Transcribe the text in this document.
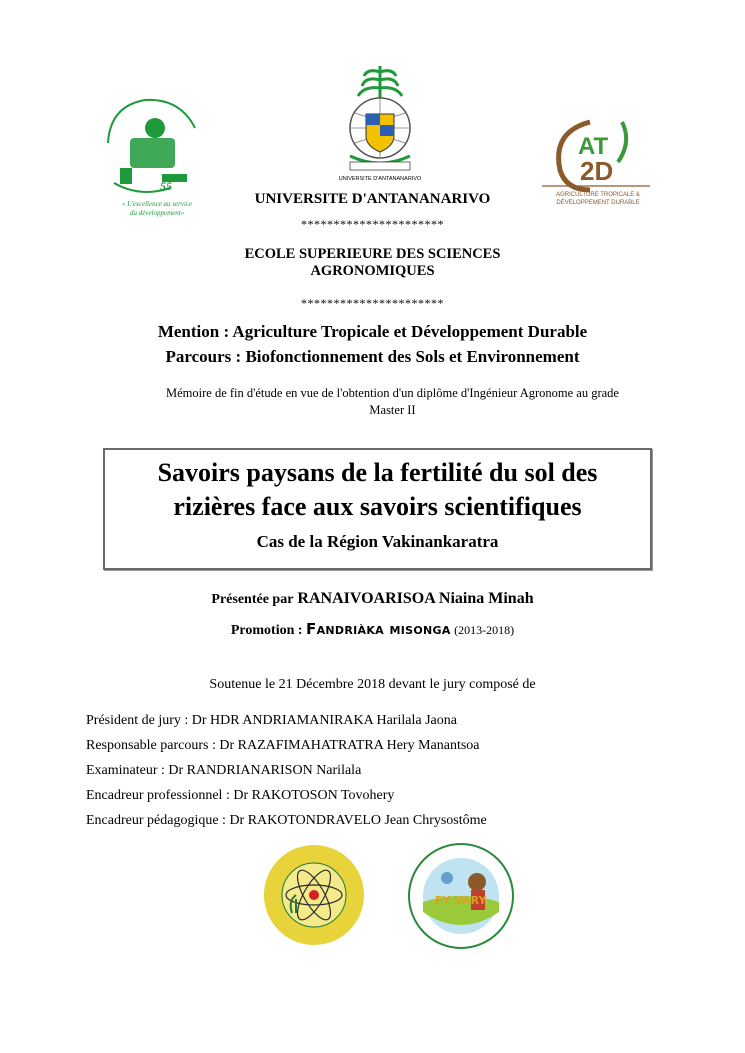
55
« L'excellence au service
du développement»
UNIVERSITE D'ANTANANARIVO
AT
2D
AGRICULTURE TROPICALE &
DÉVELOPPEMENT DURABLE
UNIVERSITE D'ANTANANARIVO
**********************
ECOLE SUPERIEURE DES SCIENCES
AGRONOMIQUES
**********************
Mention : Agriculture Tropicale et Développement Durable
Parcours : Biofonctionnement des Sols et Environnement
Mémoire de fin d'étude en vue de l'obtention d'un diplôme d'Ingénieur Agronome au grade
Master II
Savoirs paysans de la fertilité du sol des
rizières face aux savoirs scientifiques
Cas de la Région Vakinankaratra
Présentée par RANAIVOARISOA Niaina Minah
Promotion : Fandriàka misonga (2013-2018)
Soutenue le 21 Décembre 2018 devant le jury composé de
Président de jury : Dr HDR ANDRIAMANIRAKA Harilala Jaona
Responsable parcours : Dr RAZAFIMAHATRATRA Hery Manantsoa
Examinateur : Dr RANDRIANARISON Narilala
Encadreur professionnel : Dr RAKOTOSON Tovohery
Encadreur pédagogique : Dr RAKOTONDRAVELO Jean Chrysostôme
FY VARY
